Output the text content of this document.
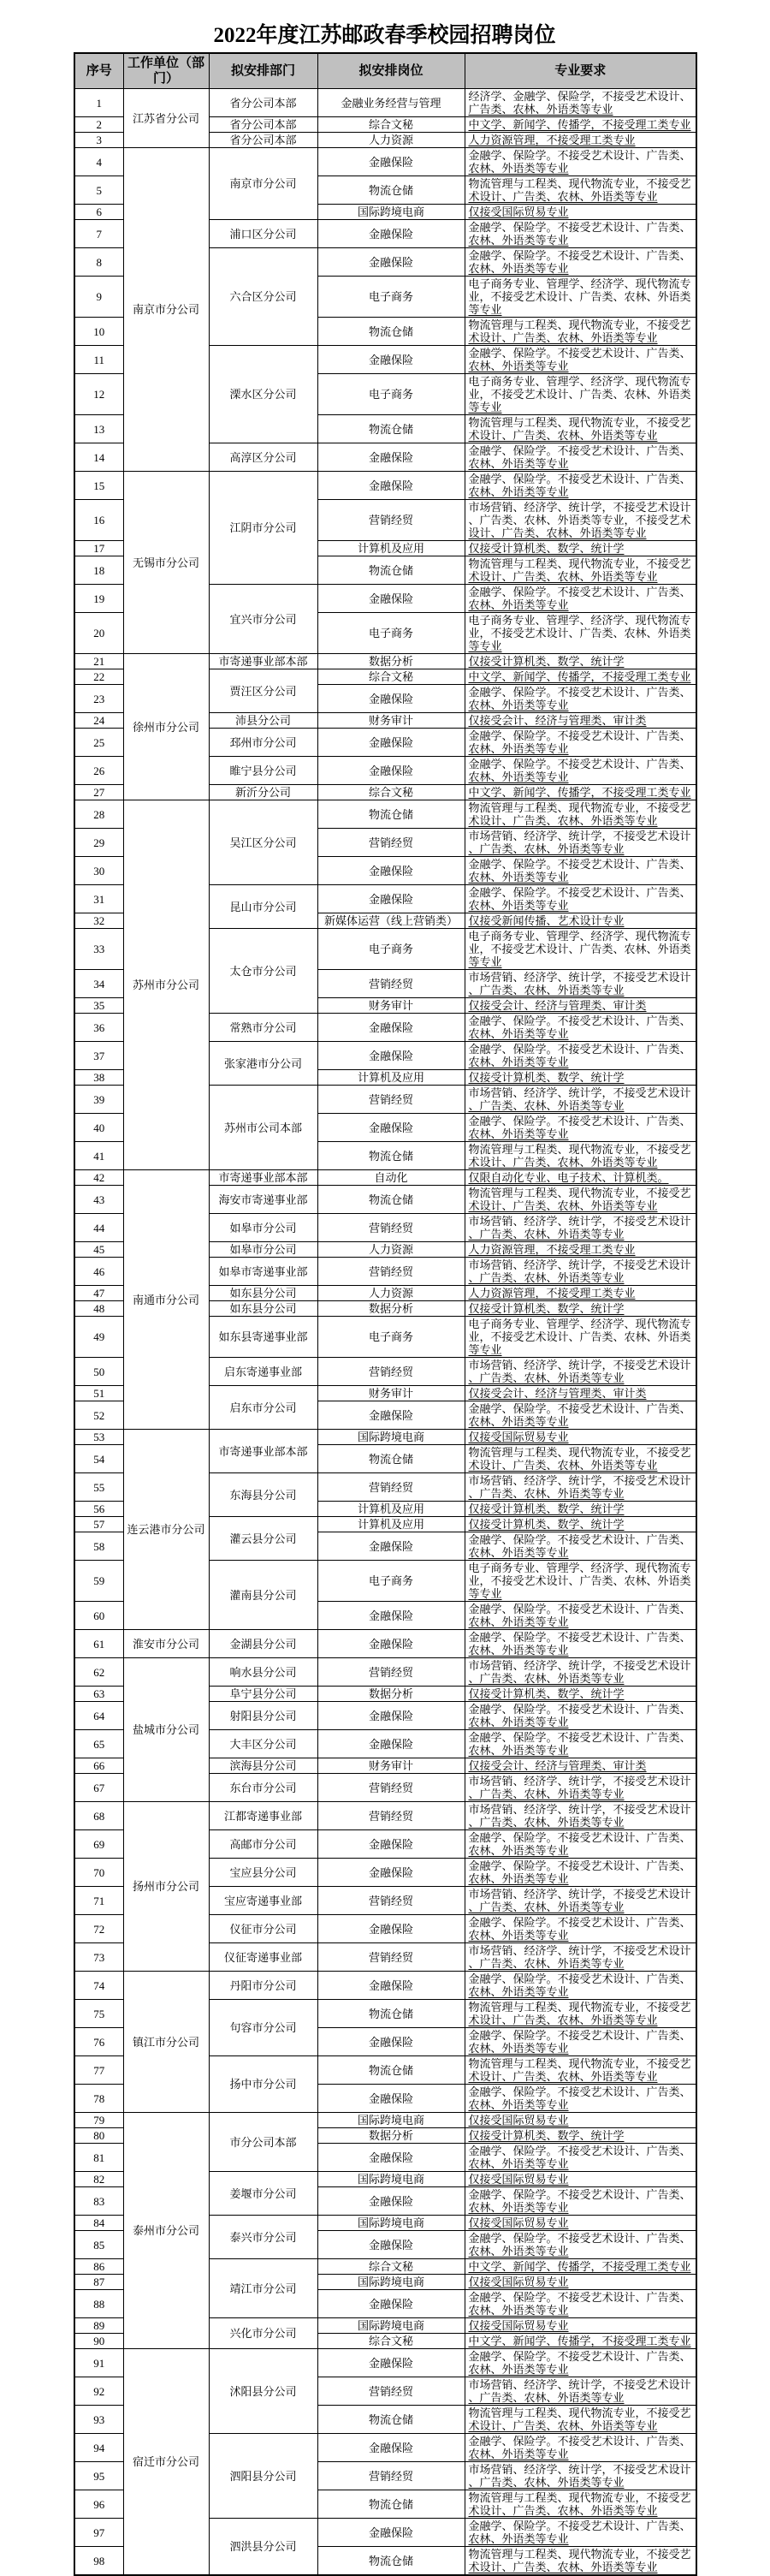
2022年度江苏邮政春季校园招聘岗位
序号	工作单位（部门）	拟安排部门	拟安排岗位	专业要求
1	江苏省分公司	省分公司本部	金融业务经营与管理	经济学、金融学、保险学，不接受艺术设计、
广告类、农林、外语类等专业
2		省分公司本部	综合文秘	中文学、新闻学、传播学，不接受理工类专业
3		省分公司本部	人力资源	人力资源管理，不接受理工类专业
4	南京市分公司	南京市分公司	金融保险	金融学、保险学。不接受艺术设计、广告类、
农林、外语类等专业
5			物流仓储	物流管理与工程类、现代物流专业，不接受艺
术设计、广告类、农林、外语类等专业
6			国际跨境电商	仅接受国际贸易专业
7		浦口区分公司	金融保险	金融学、保险学。不接受艺术设计、广告类、
农林、外语类等专业
8		六合区分公司	金融保险	金融学、保险学。不接受艺术设计、广告类、
农林、外语类等专业
9			电子商务	电子商务专业、管理学、经济学、现代物流专
业，不接受艺术设计、广告类、农林、外语类
等专业
10			物流仓储	物流管理与工程类、现代物流专业，不接受艺
术设计、广告类、农林、外语类等专业
11		溧水区分公司	金融保险	金融学、保险学。不接受艺术设计、广告类、
农林、外语类等专业
12			电子商务	电子商务专业、管理学、经济学、现代物流专
业，不接受艺术设计、广告类、农林、外语类
等专业
13			物流仓储	物流管理与工程类、现代物流专业，不接受艺
术设计、广告类、农林、外语类等专业
14		高淳区分公司	金融保险	金融学、保险学。不接受艺术设计、广告类、
农林、外语类等专业
15	无锡市分公司	江阴市分公司	金融保险	金融学、保险学。不接受艺术设计、广告类、
农林、外语类等专业
16			营销经贸	市场营销、经济学、统计学，不接受艺术设计
、广告类、农林、外语类等专业，不接受艺术
设计、广告类、农林、外语类等专业
17			计算机及应用	仅接受计算机类、数学、统计学
18			物流仓储	物流管理与工程类、现代物流专业，不接受艺
术设计、广告类、农林、外语类等专业
19		宜兴市分公司	金融保险	金融学、保险学。不接受艺术设计、广告类、
农林、外语类等专业
20			电子商务	电子商务专业、管理学、经济学、现代物流专
业，不接受艺术设计、广告类、农林、外语类
等专业
21	徐州市分公司	市寄递事业部本部	数据分析	仅接受计算机类、数学、统计学
22		贾汪区分公司	综合文秘	中文学、新闻学、传播学，不接受理工类专业
23			金融保险	金融学、保险学。不接受艺术设计、广告类、
农林、外语类等专业
24		沛县分公司	财务审计	仅接受会计、经济与管理类、审计类
25		邳州市分公司	金融保险	金融学、保险学。不接受艺术设计、广告类、
农林、外语类等专业
26		睢宁县分公司	金融保险	金融学、保险学。不接受艺术设计、广告类、
农林、外语类等专业
27		新沂分公司	综合文秘	中文学、新闻学、传播学，不接受理工类专业
28	苏州市分公司	吴江区分公司	物流仓储	物流管理与工程类、现代物流专业，不接受艺
术设计、广告类、农林、外语类等专业
29			营销经贸	市场营销、经济学、统计学，不接受艺术设计
、广告类、农林、外语类等专业
30			金融保险	金融学、保险学。不接受艺术设计、广告类、
农林、外语类等专业
31		昆山市分公司	金融保险	金融学、保险学。不接受艺术设计、广告类、
农林、外语类等专业
32			新媒体运营（线上营销类）	仅接受新闻传播、艺术设计专业
33		太仓市分公司	电子商务	电子商务专业、管理学、经济学、现代物流专
业，不接受艺术设计、广告类、农林、外语类
等专业
34			营销经贸	市场营销、经济学、统计学，不接受艺术设计
、广告类、农林、外语类等专业
35			财务审计	仅接受会计、经济与管理类、审计类
36		常熟市分公司	金融保险	金融学、保险学。不接受艺术设计、广告类、
农林、外语类等专业
37		张家港市分公司	金融保险	金融学、保险学。不接受艺术设计、广告类、
农林、外语类等专业
38			计算机及应用	仅接受计算机类、数学、统计学
39		苏州市公司本部	营销经贸	市场营销、经济学、统计学，不接受艺术设计
、广告类、农林、外语类等专业
40			金融保险	金融学、保险学。不接受艺术设计、广告类、
农林、外语类等专业
41			物流仓储	物流管理与工程类、现代物流专业，不接受艺
术设计、广告类、农林、外语类等专业
42	南通市分公司	市寄递事业部本部	自动化	仅限自动化专业、电子技术、计算机类。
43		海安市寄递事业部	物流仓储	物流管理与工程类、现代物流专业，不接受艺
术设计、广告类、农林、外语类等专业
44		如皋市分公司	营销经贸	市场营销、经济学、统计学，不接受艺术设计
、广告类、农林、外语类等专业
45		如皋市分公司	人力资源	人力资源管理，不接受理工类专业
46		如皋市寄递事业部	营销经贸	市场营销、经济学、统计学，不接受艺术设计
、广告类、农林、外语类等专业
47		如东县分公司	人力资源	人力资源管理，不接受理工类专业
48		如东县分公司	数据分析	仅接受计算机类、数学、统计学
49		如东县寄递事业部	电子商务	电子商务专业、管理学、经济学、现代物流专
业，不接受艺术设计、广告类、农林、外语类
等专业
50		启东寄递事业部	营销经贸	市场营销、经济学、统计学，不接受艺术设计
、广告类、农林、外语类等专业
51		启东市分公司	财务审计	仅接受会计、经济与管理类、审计类
52			金融保险	金融学、保险学。不接受艺术设计、广告类、
农林、外语类等专业
53	连云港市分公司	市寄递事业部本部	国际跨境电商	仅接受国际贸易专业
54			物流仓储	物流管理与工程类、现代物流专业，不接受艺
术设计、广告类、农林、外语类等专业
55		东海县分公司	营销经贸	市场营销、经济学、统计学，不接受艺术设计
、广告类、农林、外语类等专业
56			计算机及应用	仅接受计算机类、数学、统计学
57		灌云县分公司	计算机及应用	仅接受计算机类、数学、统计学
58			金融保险	金融学、保险学。不接受艺术设计、广告类、
农林、外语类等专业
59		灌南县分公司	电子商务	电子商务专业、管理学、经济学、现代物流专
业，不接受艺术设计、广告类、农林、外语类
等专业
60			金融保险	金融学、保险学。不接受艺术设计、广告类、
农林、外语类等专业
61	淮安市分公司	金湖县分公司	金融保险	金融学、保险学。不接受艺术设计、广告类、
农林、外语类等专业
62	盐城市分公司	响水县分公司	营销经贸	市场营销、经济学、统计学，不接受艺术设计
、广告类、农林、外语类等专业
63		阜宁县分公司	数据分析	仅接受计算机类、数学、统计学
64		射阳县分公司	金融保险	金融学、保险学。不接受艺术设计、广告类、
农林、外语类等专业
65		大丰区分公司	金融保险	金融学、保险学。不接受艺术设计、广告类、
农林、外语类等专业
66		滨海县分公司	财务审计	仅接受会计、经济与管理类、审计类
67		东台市分公司	营销经贸	市场营销、经济学、统计学，不接受艺术设计
、广告类、农林、外语类等专业
68	扬州市分公司	江都寄递事业部	营销经贸	市场营销、经济学、统计学，不接受艺术设计
、广告类、农林、外语类等专业
69		高邮市分公司	金融保险	金融学、保险学。不接受艺术设计、广告类、
农林、外语类等专业
70		宝应县分公司	金融保险	金融学、保险学。不接受艺术设计、广告类、
农林、外语类等专业
71		宝应寄递事业部	营销经贸	市场营销、经济学、统计学，不接受艺术设计
、广告类、农林、外语类等专业
72		仪征市分公司	金融保险	金融学、保险学。不接受艺术设计、广告类、
农林、外语类等专业
73		仪征寄递事业部	营销经贸	市场营销、经济学、统计学，不接受艺术设计
、广告类、农林、外语类等专业
74	镇江市分公司	丹阳市分公司	金融保险	金融学、保险学。不接受艺术设计、广告类、
农林、外语类等专业
75		句容市分公司	物流仓储	物流管理与工程类、现代物流专业，不接受艺
术设计、广告类、农林、外语类等专业
76			金融保险	金融学、保险学。不接受艺术设计、广告类、
农林、外语类等专业
77		扬中市分公司	物流仓储	物流管理与工程类、现代物流专业，不接受艺
术设计、广告类、农林、外语类等专业
78			金融保险	金融学、保险学。不接受艺术设计、广告类、
农林、外语类等专业
79	泰州市分公司	市分公司本部	国际跨境电商	仅接受国际贸易专业
80			数据分析	仅接受计算机类、数学、统计学
81			金融保险	金融学、保险学。不接受艺术设计、广告类、
农林、外语类等专业
82		姜堰市分公司	国际跨境电商	仅接受国际贸易专业
83			金融保险	金融学、保险学。不接受艺术设计、广告类、
农林、外语类等专业
84		泰兴市分公司	国际跨境电商	仅接受国际贸易专业
85			金融保险	金融学、保险学。不接受艺术设计、广告类、
农林、外语类等专业
86		靖江市分公司	综合文秘	中文学、新闻学、传播学，不接受理工类专业
87			国际跨境电商	仅接受国际贸易专业
88			金融保险	金融学、保险学。不接受艺术设计、广告类、
农林、外语类等专业
89		兴化市分公司	国际跨境电商	仅接受国际贸易专业
90			综合文秘	中文学、新闻学、传播学，不接受理工类专业
91	宿迁市分公司	沭阳县分公司	金融保险	金融学、保险学。不接受艺术设计、广告类、
农林、外语类等专业
92			营销经贸	市场营销、经济学、统计学，不接受艺术设计
、广告类、农林、外语类等专业
93			物流仓储	物流管理与工程类、现代物流专业，不接受艺
术设计、广告类、农林、外语类等专业
94		泗阳县分公司	金融保险	金融学、保险学。不接受艺术设计、广告类、
农林、外语类等专业
95			营销经贸	市场营销、经济学、统计学，不接受艺术设计
、广告类、农林、外语类等专业
96			物流仓储	物流管理与工程类、现代物流专业，不接受艺
术设计、广告类、农林、外语类等专业
97		泗洪县分公司	金融保险	金融学、保险学。不接受艺术设计、广告类、
农林、外语类等专业
98			物流仓储	物流管理与工程类、现代物流专业，不接受艺
术设计、广告类、农林、外语类等专业
